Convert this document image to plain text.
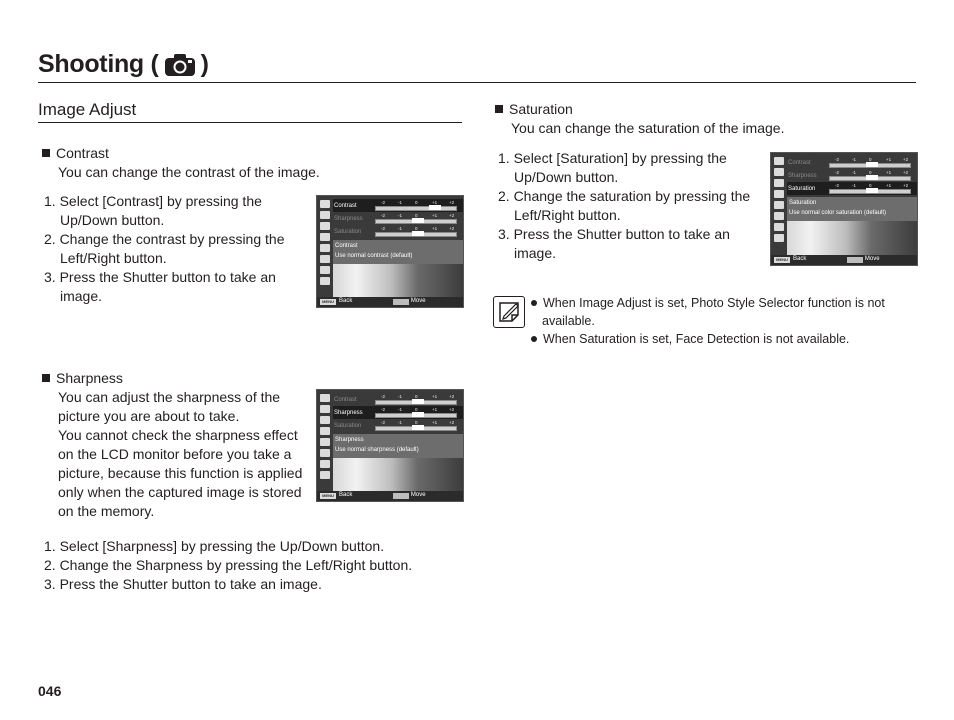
Shooting ( )
Image Adjust
Contrast
You can change the contrast of the image.
1. Select [Contrast] by pressing the
Up/Down button.
2. Change the contrast by pressing the
Left/Right button.
3. Press the Shutter button to take an
image.
Sharpness
You can adjust the sharpness of the
picture you are about to take.
You cannot check the sharpness effect
on the LCD monitor before you take a
picture, because this function is applied
only when the captured image is stored
on the memory.
1. Select [Sharpness] by pressing the Up/Down button.
2. Change the Sharpness by pressing the Left/Right button.
3. Press the Shutter button to take an image.
Saturation
You can change the saturation of the image.
1. Select [Saturation] by pressing the
Up/Down button.
2. Change the saturation by pressing the
Left/Right button.
3. Press the Shutter button to take an
image.
Contrast
-2	-1	0	+1	+2
Sharpness
-2	-1	0	+1	+2
Saturation
-2	-1	0	+1	+2
Contrast
Use normal contrast (default)
MENU Back	Move
Contrast
-2	-1	0	+1	+2
Sharpness
-2	-1	0	+1	+2
Saturation
-2	-1	0	+1	+2
Sharpness
Use normal sharpness (default)
MENU Back	Move
Contrast
-2	-1	0	+1	+2
Sharpness
-2	-1	0	+1	+2
Saturation
-2	-1	0	+1	+2
Saturation
Use normal color saturation (default)
MENU Back	Move
When Image Adjust is set, Photo Style Selector function is not
available.
When Saturation is set, Face Detection is not available.
046
